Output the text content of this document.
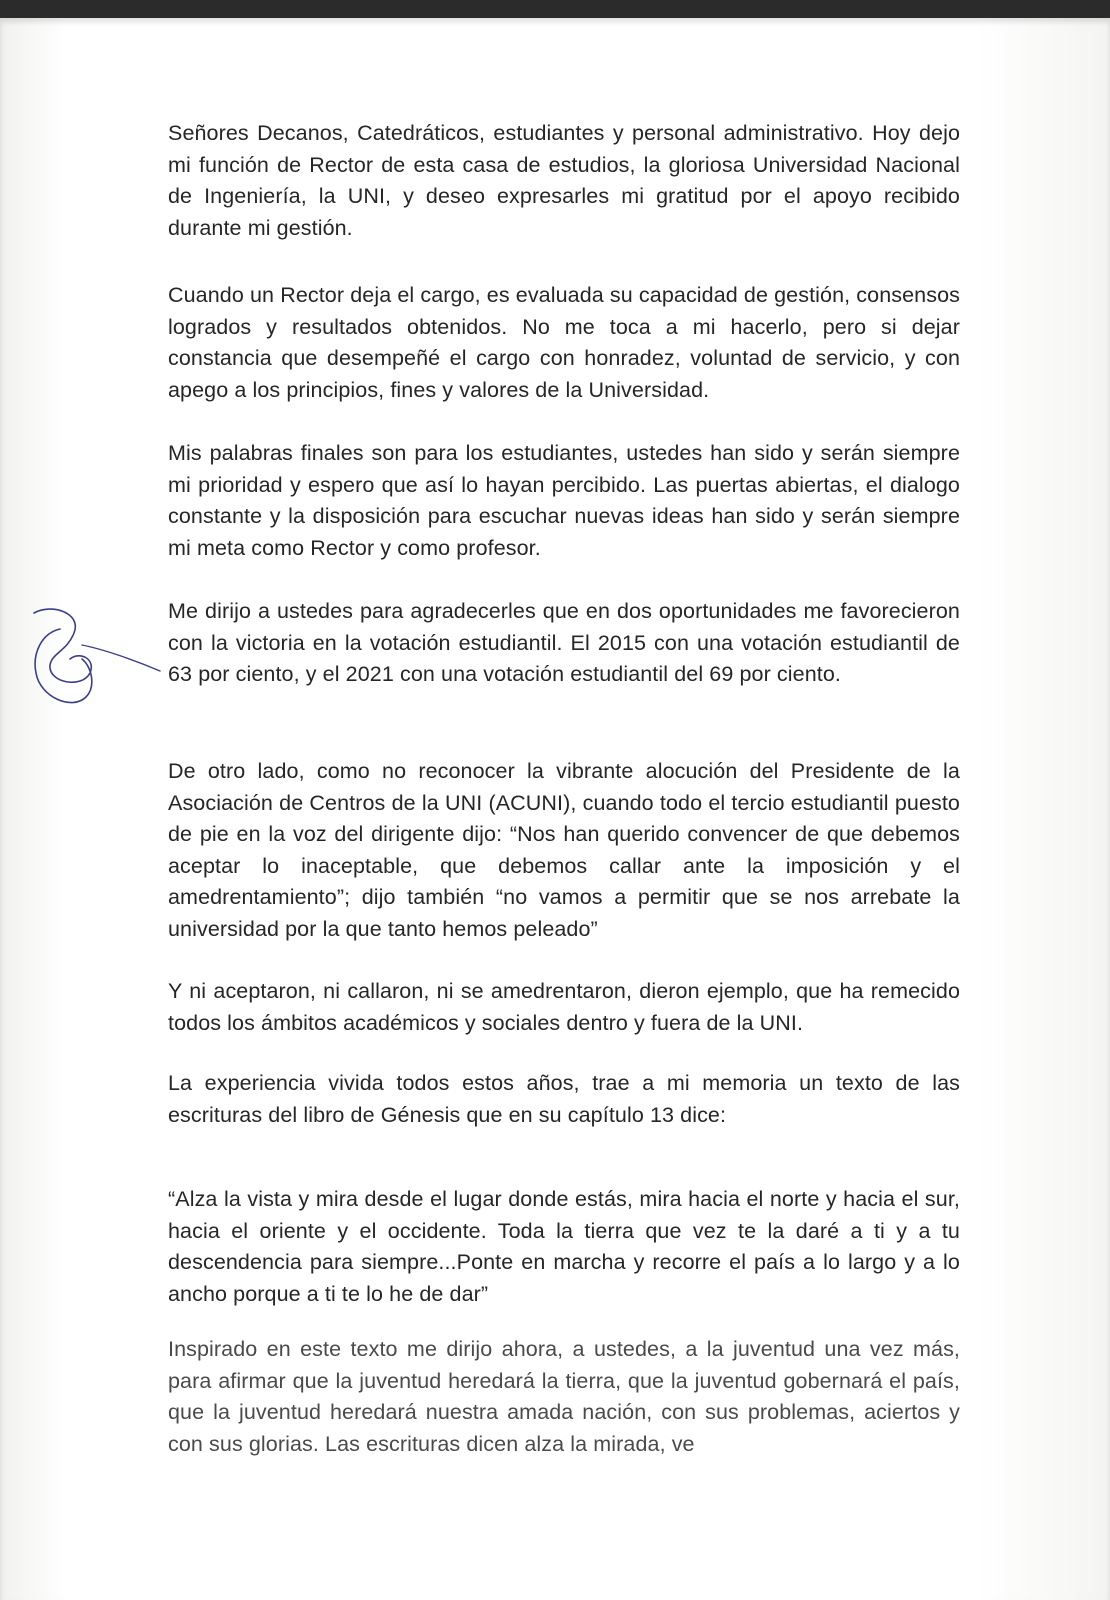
Señores Decanos, Catedráticos, estudiantes y personal administrativo. Hoy dejo mi función de Rector de esta casa de estudios, la gloriosa Universidad Nacional de Ingeniería, la UNI, y deseo expresarles mi gratitud por el apoyo recibido durante mi gestión.

Cuando un Rector deja el cargo, es evaluada su capacidad de gestión, consensos logrados y resultados obtenidos. No me toca a mi hacerlo, pero si dejar constancia que desempeñé el cargo con honradez, voluntad de servicio, y con apego a los principios, fines y valores de la Universidad.

Mis palabras finales son para los estudiantes, ustedes han sido y serán siempre mi prioridad y espero que así lo hayan percibido. Las puertas abiertas, el dialogo constante y la disposición para escuchar nuevas ideas han sido y serán siempre mi meta como Rector y como profesor.

Me dirijo a ustedes para agradecerles que en dos oportunidades me favorecieron con la victoria en la votación estudiantil. El 2015 con una votación estudiantil de 63 por ciento, y el 2021 con una votación estudiantil del 69 por ciento.

De otro lado, como no reconocer la vibrante alocución del Presidente de la Asociación de Centros de la UNI (ACUNI), cuando todo el tercio estudiantil puesto de pie en la voz del dirigente dijo: “Nos han querido convencer de que debemos aceptar lo inaceptable, que debemos callar ante la imposición y el amedrentamiento”; dijo también “no vamos a permitir que se nos arrebate la universidad por la que tanto hemos peleado”

Y ni aceptaron, ni callaron, ni se amedrentaron, dieron ejemplo, que ha remecido todos los ámbitos académicos y sociales dentro y fuera de la UNI.

La experiencia vivida todos estos años, trae a mi memoria un texto de las escrituras del libro de Génesis que en su capítulo 13 dice:

“Alza la vista y mira desde el lugar donde estás, mira hacia el norte y hacia el sur, hacia el oriente y el occidente. Toda la tierra que vez te la daré a ti y a tu descendencia para siempre...Ponte en marcha y recorre el país a lo largo y a lo ancho porque a ti te lo he de dar”

Inspirado en este texto me dirijo ahora, a ustedes, a la juventud una vez más, para afirmar que la juventud heredará la tierra, que la juventud gobernará el país, que la juventud heredará nuestra amada nación, con sus problemas, aciertos y con sus glorias. Las escrituras dicen alza la mirada, ve
